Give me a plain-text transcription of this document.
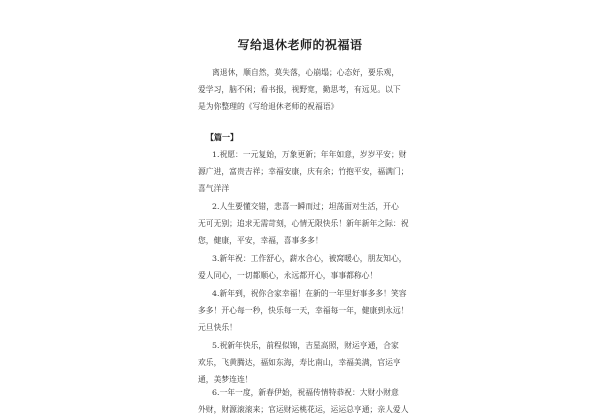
写给退休老师的祝福语
离退休，顺自然，莫失落，心崩塌；心态好，要乐观，
爱学习，脑不闲；看书报，视野宽，勤思考，有远见。以下
是为你整理的《写给退休老师的祝福语》
【篇一】
1.祝愿：一元复始，万象更新；年年如意，岁岁平安；财
源广进，富贵吉祥；幸福安康，庆有余；竹抱平安，福满门；
喜气洋洋
2.人生要懂交错，悲喜一瞬而过；坦荡面对生活，开心
无可无别；追求无需苛刻，心情无限快乐！新年新年之际：祝
您，健康，平安，幸福，喜事多多！
3.新年祝：工作舒心，薪水合心，被窝暖心，朋友知心，
爱人同心，一切都顺心，永远都开心，事事都称心！
4.新年到，祝你合家幸福！在新的一年里好事多多！笑容
多多！开心每一秒，快乐每一天，幸福每一年，健康到永远！
元旦快乐！
5.祝新年快乐，前程似锦，吉星高照，财运亨通，合家
欢乐，飞黄腾达，福如东海，寿比南山，幸福美满，官运亨
通，美梦连连！
6.一年一度，新春伊始，祝福传情特恭祝：大财小财意
外财，财源滚滚来；官运财运桃花运，运运总亨通；亲人爱人
